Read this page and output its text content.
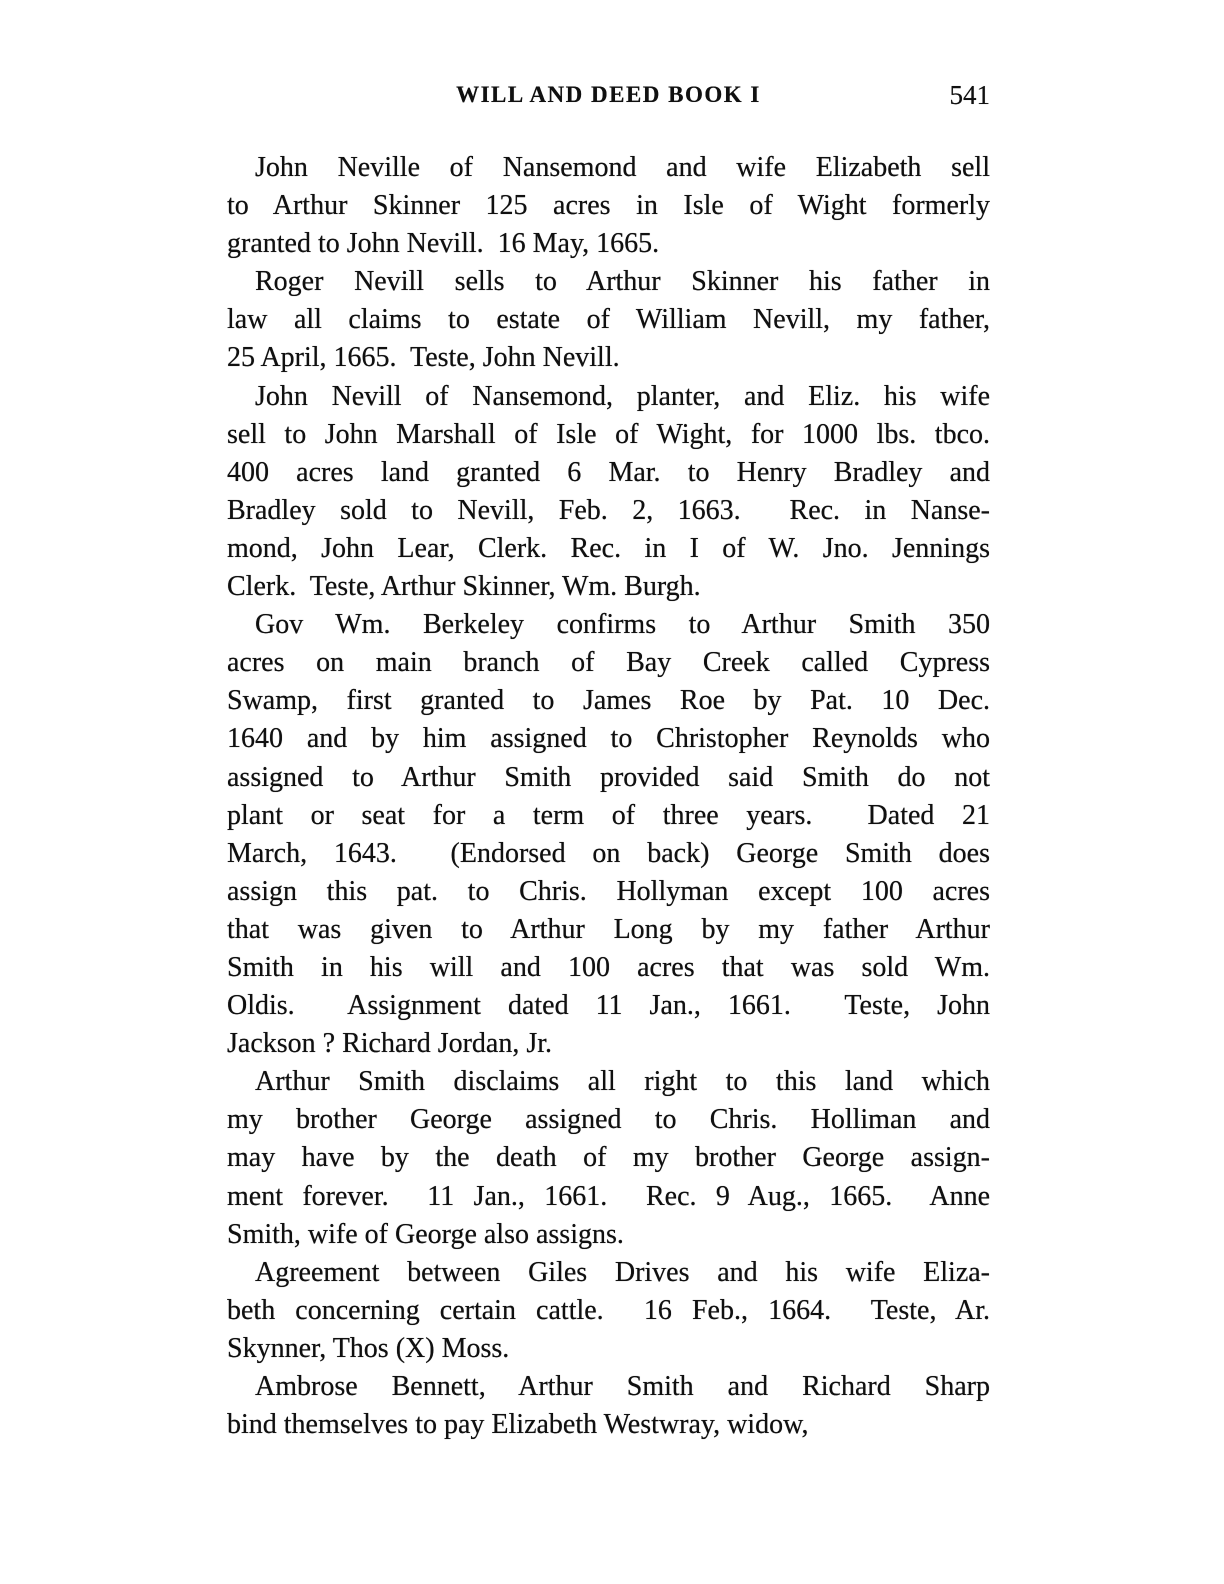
WILL AND DEED BOOK I	541
John Neville of Nansemond and wife Elizabeth sell
to Arthur Skinner 125 acres in Isle of Wight formerly
granted to John Nevill.  16 May, 1665.
Roger Nevill sells to Arthur Skinner his father in
law all claims to estate of William Nevill, my father,
25 April, 1665.  Teste, John Nevill.
John Nevill of Nansemond, planter, and Eliz. his wife
sell to John Marshall of Isle of Wight, for 1000 lbs. tbco.
400 acres land granted 6 Mar. to Henry Bradley and
Bradley sold to Nevill, Feb. 2, 1663.  Rec. in Nanse-
mond, John Lear, Clerk. Rec. in I of W. Jno. Jennings
Clerk.  Teste, Arthur Skinner, Wm. Burgh.
Gov Wm. Berkeley confirms to Arthur Smith 350
acres on main branch of Bay Creek called Cypress
Swamp, first granted to James Roe by Pat. 10 Dec.
1640 and by him assigned to Christopher Reynolds who
assigned to Arthur Smith provided said Smith do not
plant or seat for a term of three years.  Dated 21
March, 1643.  (Endorsed on back) George Smith does
assign this pat. to Chris. Hollyman except 100 acres
that was given to Arthur Long by my father Arthur
Smith in his will and 100 acres that was sold Wm.
Oldis.  Assignment dated 11 Jan., 1661.  Teste, John
Jackson ? Richard Jordan, Jr.
Arthur Smith disclaims all right to this land which
my brother George assigned to Chris. Holliman and
may have by the death of my brother George assign-
ment forever.  11 Jan., 1661.  Rec. 9 Aug., 1665.  Anne
Smith, wife of George also assigns.
Agreement between Giles Drives and his wife Eliza-
beth concerning certain cattle.  16 Feb., 1664.  Teste, Ar.
Skynner, Thos (X) Moss.
Ambrose Bennett, Arthur Smith and Richard Sharp
bind themselves to pay Elizabeth Westwray, widow,
